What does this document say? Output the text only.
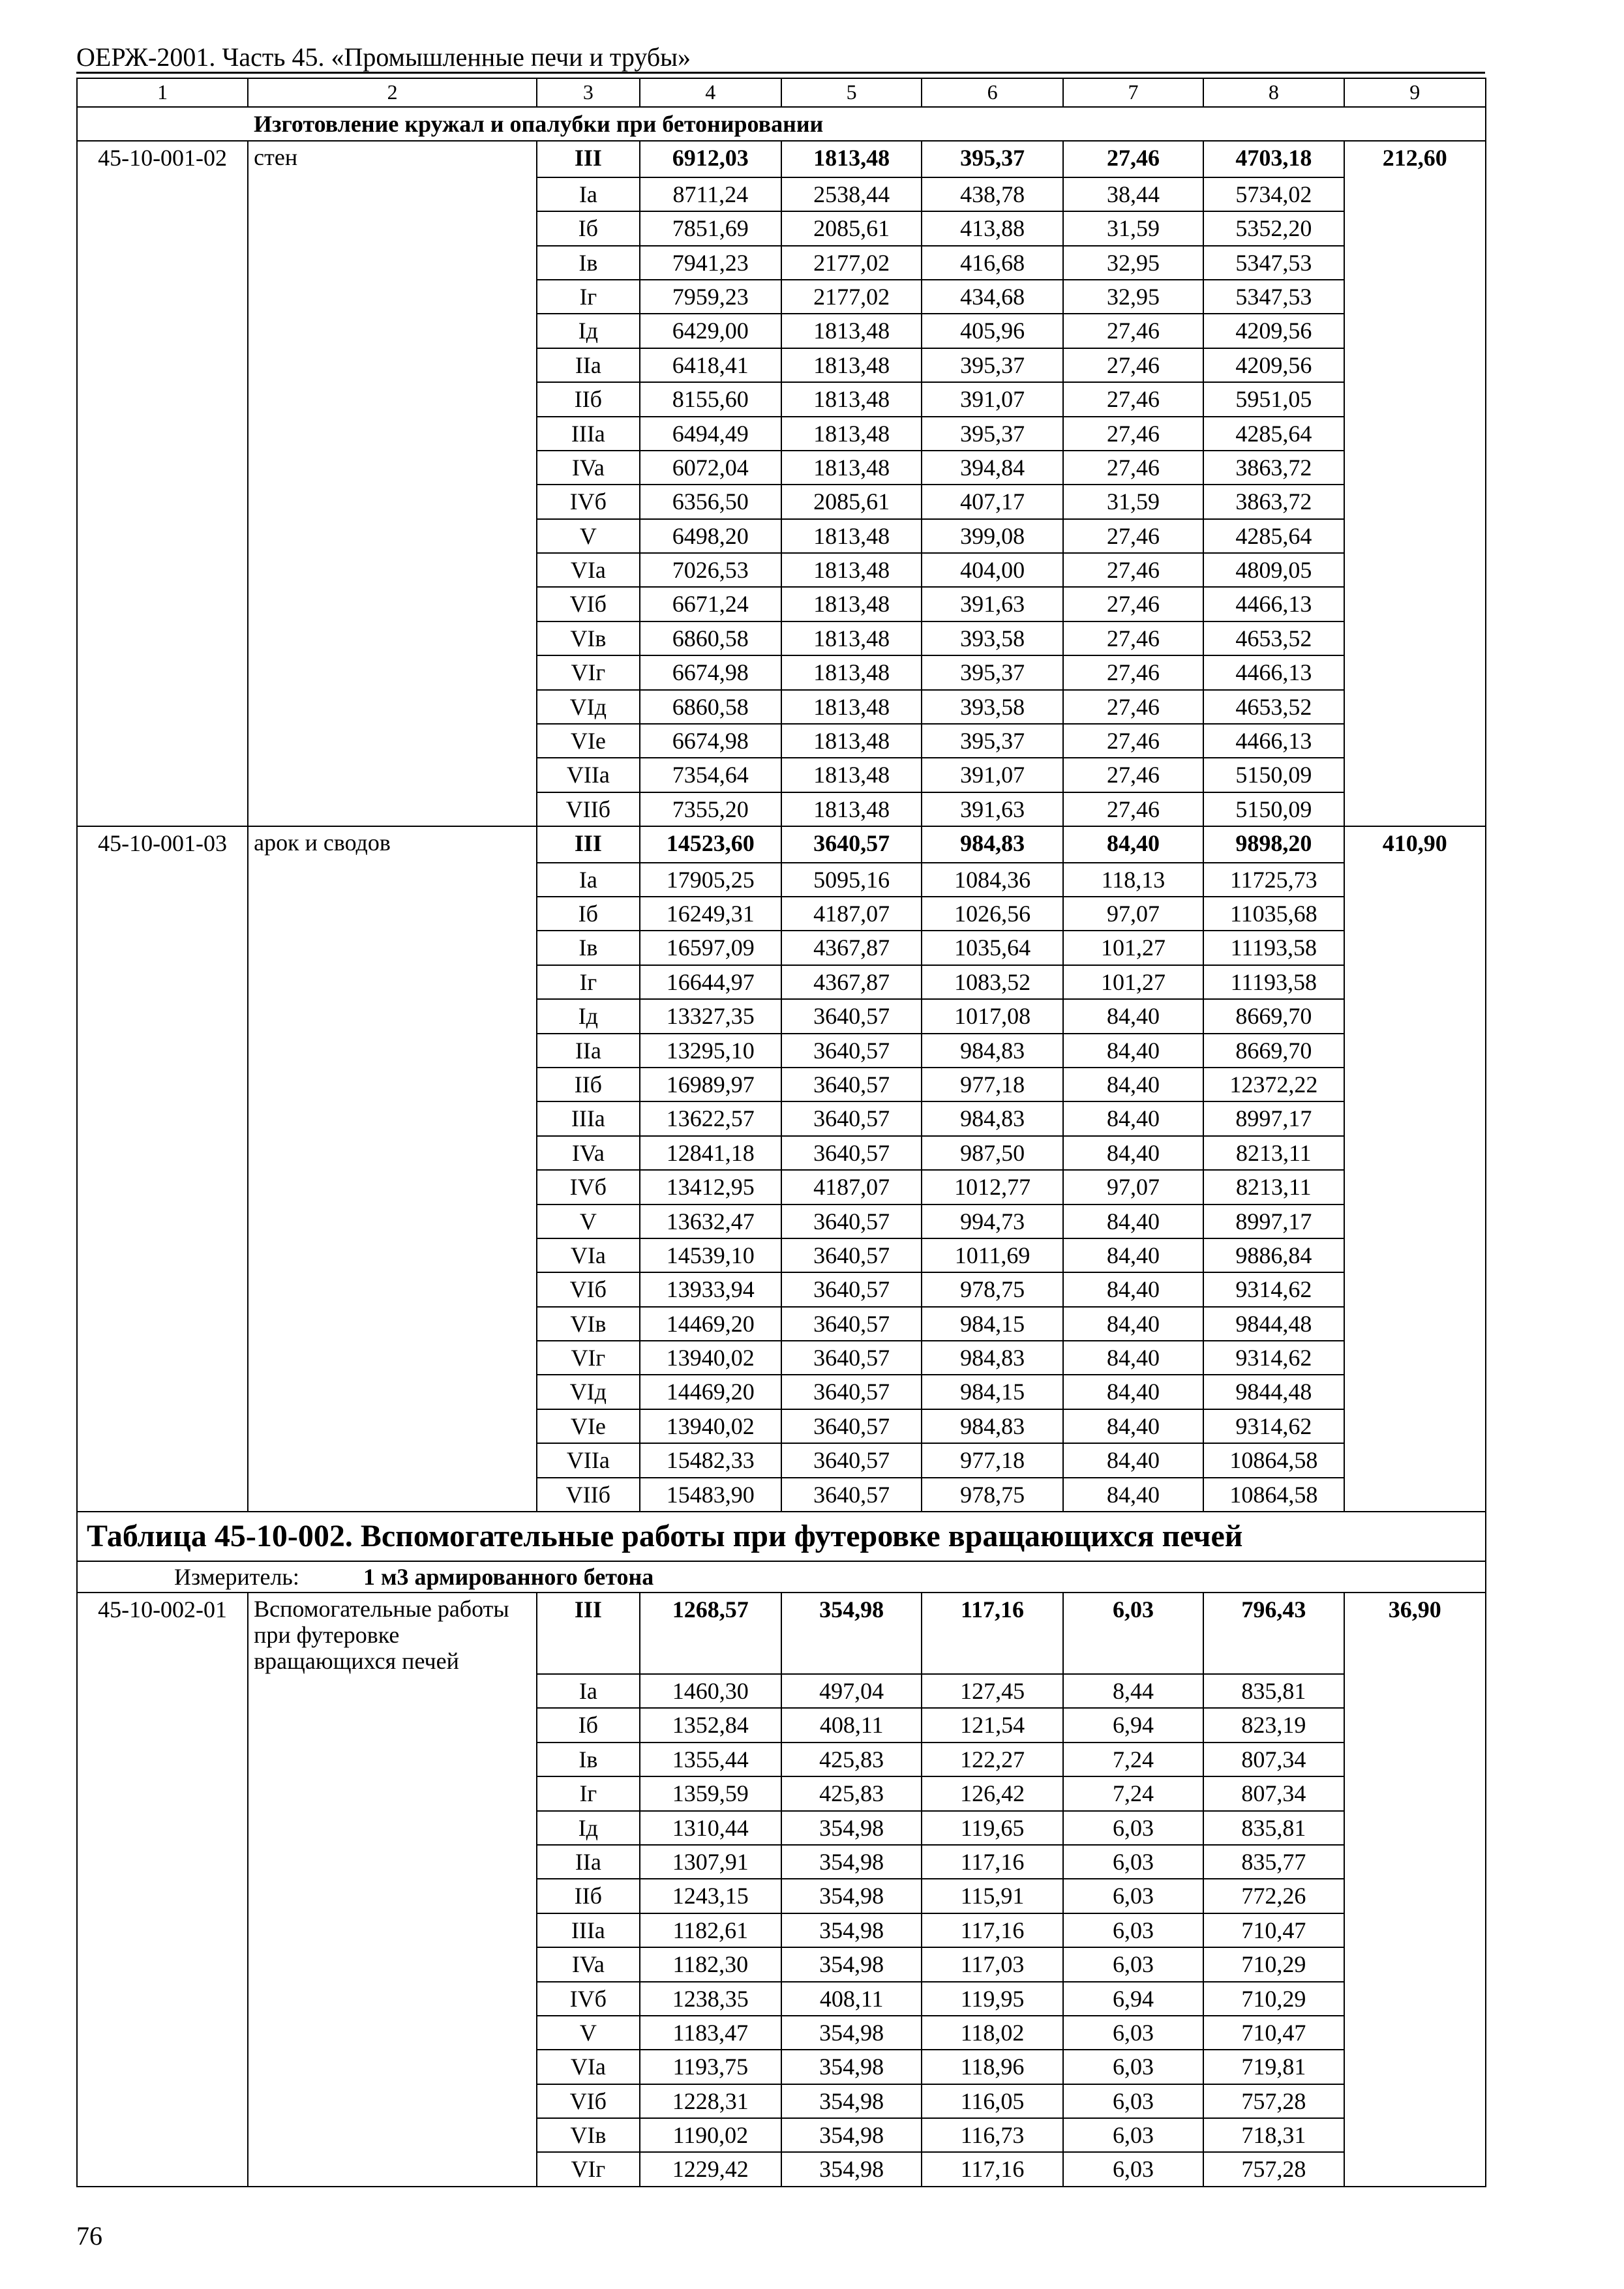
ОЕРЖ-2001. Часть 45. «Промышленные печи и трубы»
1	2	3	4	5	6	7	8	9
Изготовление кружал и опалубки при бетонировании								
45-10-001-02	стен	III	6912,03	1813,48	395,37	27,46	4703,18	212,60
		Ia	8711,24	2538,44	438,78	38,44	5734,02	
		Iб	7851,69	2085,61	413,88	31,59	5352,20	
		Iв	7941,23	2177,02	416,68	32,95	5347,53	
		Iг	7959,23	2177,02	434,68	32,95	5347,53	
		Iд	6429,00	1813,48	405,96	27,46	4209,56	
		IIa	6418,41	1813,48	395,37	27,46	4209,56	
		IIб	8155,60	1813,48	391,07	27,46	5951,05	
		IIIa	6494,49	1813,48	395,37	27,46	4285,64	
		IVa	6072,04	1813,48	394,84	27,46	3863,72	
		IVб	6356,50	2085,61	407,17	31,59	3863,72	
		V	6498,20	1813,48	399,08	27,46	4285,64	
		VIa	7026,53	1813,48	404,00	27,46	4809,05	
		VIб	6671,24	1813,48	391,63	27,46	4466,13	
		VIв	6860,58	1813,48	393,58	27,46	4653,52	
		VIг	6674,98	1813,48	395,37	27,46	4466,13	
		VIд	6860,58	1813,48	393,58	27,46	4653,52	
		VIe	6674,98	1813,48	395,37	27,46	4466,13	
		VIIa	7354,64	1813,48	391,07	27,46	5150,09	
		VIIб	7355,20	1813,48	391,63	27,46	5150,09	
45-10-001-03	арок и сводов	III	14523,60	3640,57	984,83	84,40	9898,20	410,90
		Ia	17905,25	5095,16	1084,36	118,13	11725,73	
		Iб	16249,31	4187,07	1026,56	97,07	11035,68	
		Iв	16597,09	4367,87	1035,64	101,27	11193,58	
		Iг	16644,97	4367,87	1083,52	101,27	11193,58	
		Iд	13327,35	3640,57	1017,08	84,40	8669,70	
		IIa	13295,10	3640,57	984,83	84,40	8669,70	
		IIб	16989,97	3640,57	977,18	84,40	12372,22	
		IIIa	13622,57	3640,57	984,83	84,40	8997,17	
		IVa	12841,18	3640,57	987,50	84,40	8213,11	
		IVб	13412,95	4187,07	1012,77	97,07	8213,11	
		V	13632,47	3640,57	994,73	84,40	8997,17	
		VIa	14539,10	3640,57	1011,69	84,40	9886,84	
		VIб	13933,94	3640,57	978,75	84,40	9314,62	
		VIв	14469,20	3640,57	984,15	84,40	9844,48	
		VIг	13940,02	3640,57	984,83	84,40	9314,62	
		VIд	14469,20	3640,57	984,15	84,40	9844,48	
		VIe	13940,02	3640,57	984,83	84,40	9314,62	
		VIIa	15482,33	3640,57	977,18	84,40	10864,58	
		VIIб	15483,90	3640,57	978,75	84,40	10864,58	
Таблица 45-10-002. Вспомогательные работы при футеровке вращающихся печей								
Измеритель: 1 м3 армированного бетона								
45-10-002-01	Вспомогательные работы при футеровке вращающихся печей	III	1268,57	354,98	117,16	6,03	796,43	36,90
		Ia	1460,30	497,04	127,45	8,44	835,81	
		Iб	1352,84	408,11	121,54	6,94	823,19	
		Iв	1355,44	425,83	122,27	7,24	807,34	
		Iг	1359,59	425,83	126,42	7,24	807,34	
		Iд	1310,44	354,98	119,65	6,03	835,81	
		IIa	1307,91	354,98	117,16	6,03	835,77	
		IIб	1243,15	354,98	115,91	6,03	772,26	
		IIIa	1182,61	354,98	117,16	6,03	710,47	
		IVa	1182,30	354,98	117,03	6,03	710,29	
		IVб	1238,35	408,11	119,95	6,94	710,29	
		V	1183,47	354,98	118,02	6,03	710,47	
		VIa	1193,75	354,98	118,96	6,03	719,81	
		VIб	1228,31	354,98	116,05	6,03	757,28	
		VIв	1190,02	354,98	116,73	6,03	718,31	
		VIг	1229,42	354,98	117,16	6,03	757,28	
76
